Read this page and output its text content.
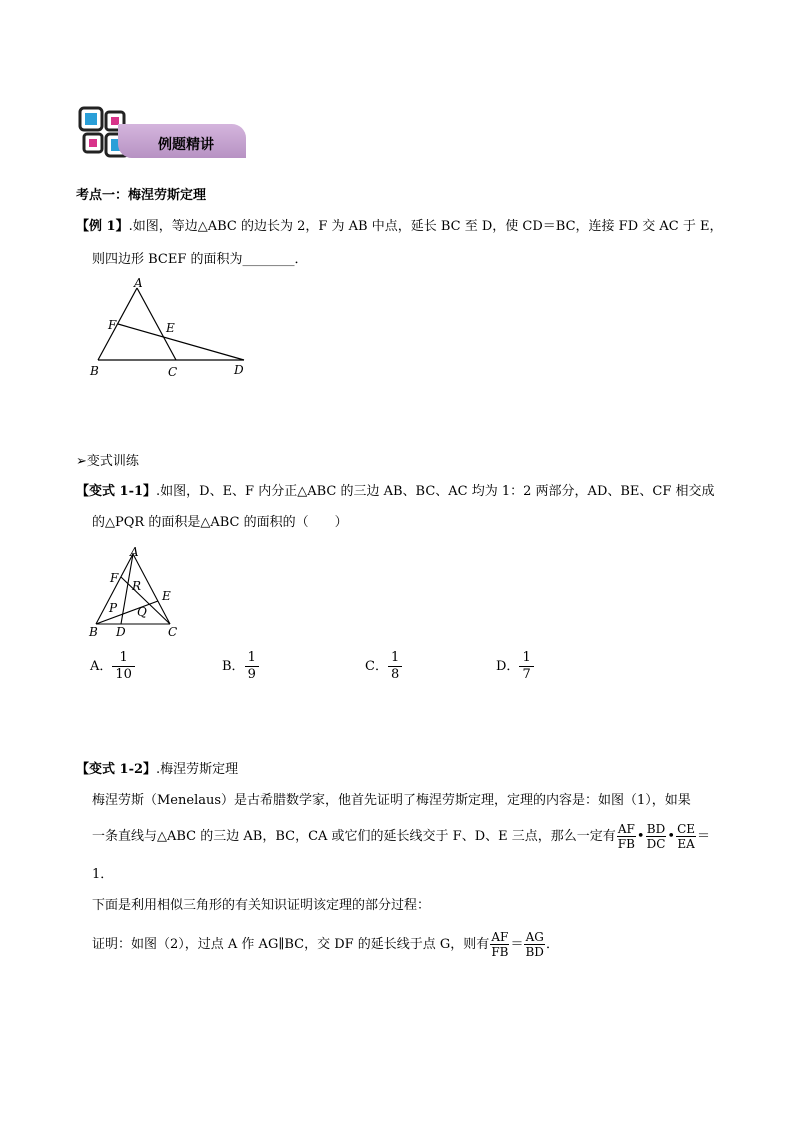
例题精讲
考点一：梅涅劳斯定理
【例 1】.如图，等边△ABC 的边长为 2，F 为 AB 中点，延长 BC 至 D，使 CD＝BC，连接 FD 交 AC 于 E，
则四边形 BCEF 的面积为________．
A
F	E
B	C	D
➢变式训练
【变式 1-1】.如图，D、E、F 内分正△ABC 的三边 AB、BC、AC 均为 1：2 两部分，AD、BE、CF 相交成
的△PQR 的面积是△ABC 的面积的（　　）
A
F
R
E
P Q
B D	C
A． $\frac{1}{10}$	B． $\frac{1}{9}$	C． $\frac{1}{8}$	D． $\frac{1}{7}$
【变式 1-2】.梅涅劳斯定理
梅涅劳斯（Menelaus）是古希腊数学家，他首先证明了梅涅劳斯定理，定理的内容是：如图（1），如果
一条直线与△ABC 的三边 AB，BC，CA 或它们的延长线交于 F、D、E 三点，那么一定有 $\frac{AF}{FB}$ • $\frac{BD}{DC}$ • $\frac{CE}{EA}$ ＝
1．
下面是利用相似三角形的有关知识证明该定理的部分过程：
证明：如图（2），过点 A 作 AG∥BC，交 DF 的延长线于点 G，则有 $\frac{AF}{FB} = \frac{AG}{BD}$ ．
